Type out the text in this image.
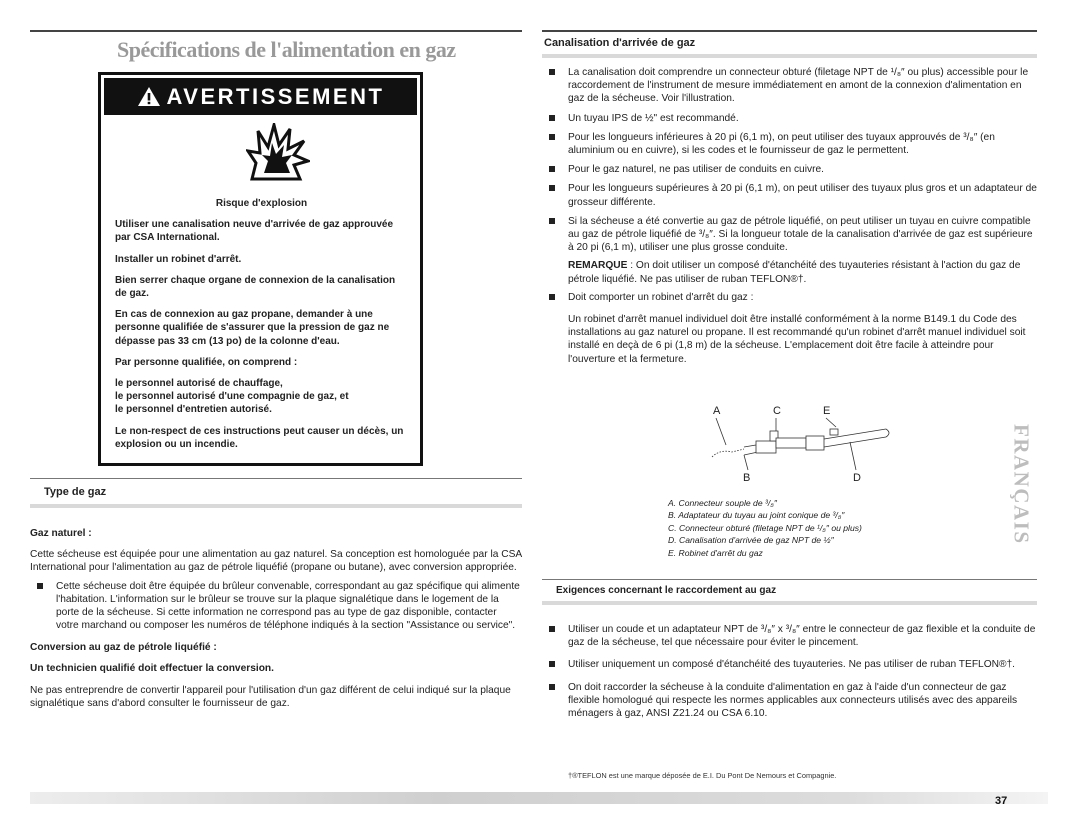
Spécifications de l'alimentation en gaz
AVERTISSEMENT

Risque d'explosion

Utiliser une canalisation neuve d'arrivée de gaz approuvée par CSA International.

Installer un robinet d'arrêt.

Bien serrer chaque organe de connexion de la canalisation de gaz.

En cas de connexion au gaz propane, demander à une personne qualifiée de s'assurer que la pression de gaz ne dépasse pas 33 cm (13 po) de la colonne d'eau.

Par personne qualifiée, on comprend :

le personnel autorisé de chauffage,

le personnel autorisé d'une compagnie de gaz, et

le personnel d'entretien autorisé.

Le non-respect de ces instructions peut causer un décès, un explosion ou un incendie.

Type de gaz

Gaz naturel :

Cette sécheuse est équipée pour une alimentation au gaz naturel. Sa conception est homologuée par la CSA International pour l'alimentation au gaz de pétrole liquéfié (propane ou butane), avec conversion appropriée.

Cette sécheuse doit être équipée du brûleur convenable, correspondant au gaz spécifique qui alimente l'habitation. L'information sur le brûleur se trouve sur la plaque signalétique dans le logement de la porte de la sécheuse. Si cette information ne correspond pas au type de gaz disponible, contacter votre marchand ou composer les numéros de téléphone indiqués à la section "Assistance ou service".

Conversion au gaz de pétrole liquéfié :

Un technicien qualifié doit effectuer la conversion.

Ne pas entreprendre de convertir l'appareil pour l'utilisation d'un gaz différent de celui indiqué sur la plaque signalétique sans d'abord consulter le fournisseur de gaz.

Canalisation d'arrivée de gaz

La canalisation doit comprendre un connecteur obturé (filetage NPT de ¹/₈″ ou plus) accessible pour le raccordement de l'instrument de mesure immédiatement en amont de la connexion d'alimentation en gaz de la sécheuse. Voir l'illustration.

Un tuyau IPS de ½" est recommandé.

Pour les longueurs inférieures à 20 pi (6,1 m), on peut utiliser des tuyaux approuvés de ³/₈″ (en aluminium ou en cuivre), si les codes et le fournisseur de gaz le permettent.

Pour le gaz naturel, ne pas utiliser de conduits en cuivre.

Pour les longueurs supérieures à 20 pi (6,1 m), on peut utiliser des tuyaux plus gros et un adaptateur de grosseur différente.

Si la sécheuse a été convertie au gaz de pétrole liquéfié, on peut utiliser un tuyau en cuivre compatible au gaz de pétrole liquéfié de ³/₈″. Si la longueur totale de la canalisation d'arrivée de gaz est supérieure à 20 pi (6,1 m), utiliser une plus grosse conduite.

REMARQUE : On doit utiliser un composé d'étanchéité des tuyauteries résistant à l'action du gaz de pétrole liquéfié. Ne pas utiliser de ruban TEFLON®†.

Doit comporter un robinet d'arrêt du gaz :

Un robinet d'arrêt manuel individuel doit être installé conformément à la norme B149.1 du Code des installations au gaz naturel ou propane. Il est recommandé qu'un robinet d'arrêt manuel individuel soit installé en deçà de 6 pi (1,8 m) de la sécheuse. L'emplacement doit être facile à atteindre pour l'ouverture et la fermeture.

A	C	E
B	D

A. Connecteur souple de ³/₈″

B. Adaptateur du tuyau au joint conique de ³/₈″

C. Connecteur obturé (filetage NPT de ¹/₈″ ou plus)

D. Canalisation d'arrivée de gaz NPT de ½″

E. Robinet d'arrêt du gaz

Exigences concernant le raccordement au gaz

Utiliser un coude et un adaptateur NPT de ³/₈″ x ³/₈″ entre le connecteur de gaz flexible et la conduite de gaz de la sécheuse, tel que nécessaire pour éviter le pincement.

Utiliser uniquement un composé d'étanchéité des tuyauteries. Ne pas utiliser de ruban TEFLON®†.

On doit raccorder la sécheuse à la conduite d'alimentation en gaz à l'aide d'un connecteur de gaz flexible homologué qui respecte les normes applicables aux connecteurs utilisés avec des appareils ménagers à gaz, ANSI Z21.24 ou CSA 6.10.

†®TEFLON est une marque déposée de E.I. Du Pont De Nemours et Compagnie.
FRANÇAIS
37
